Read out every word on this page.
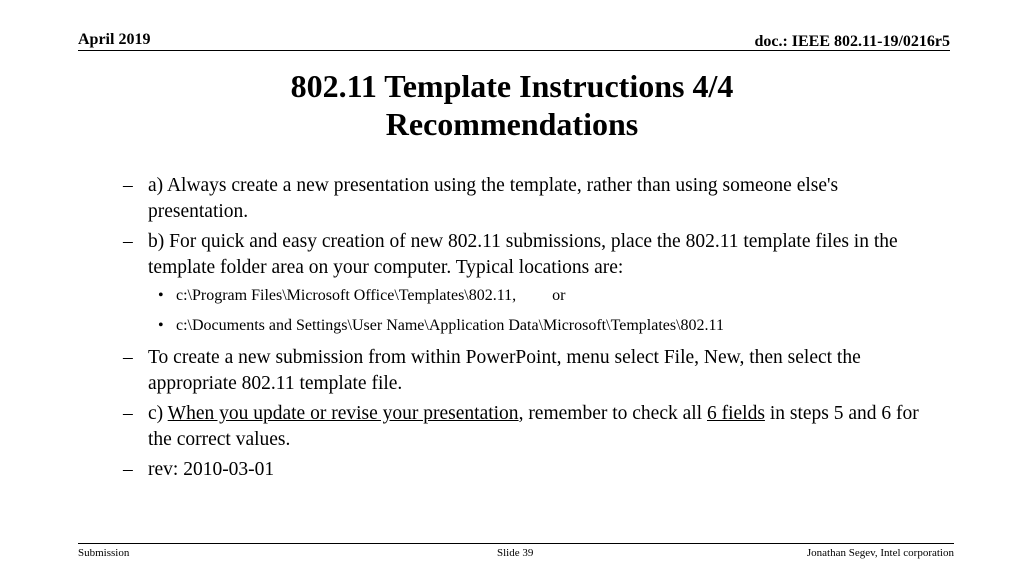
April 2019	doc.: IEEE 802.11-19/0216r5
802.11 Template Instructions 4/4
Recommendations
– a) Always create a new presentation using the template, rather than using someone else's presentation.
– b) For quick and easy creation of new 802.11 submissions, place the 802.11 template files in the template folder area on your computer. Typical locations are:
• c:\Program Files\Microsoft Office\Templates\802.11, or
• c:\Documents and Settings\User Name\Application Data\Microsoft\Templates\802.11
– To create a new submission from within PowerPoint, menu select File, New, then select the appropriate 802.11 template file.
– c) When you update or revise your presentation, remember to check all 6 fields in steps 5 and 6 for the correct values.
– rev: 2010-03-01
Submission	Slide 39	Jonathan Segev, Intel corporation
